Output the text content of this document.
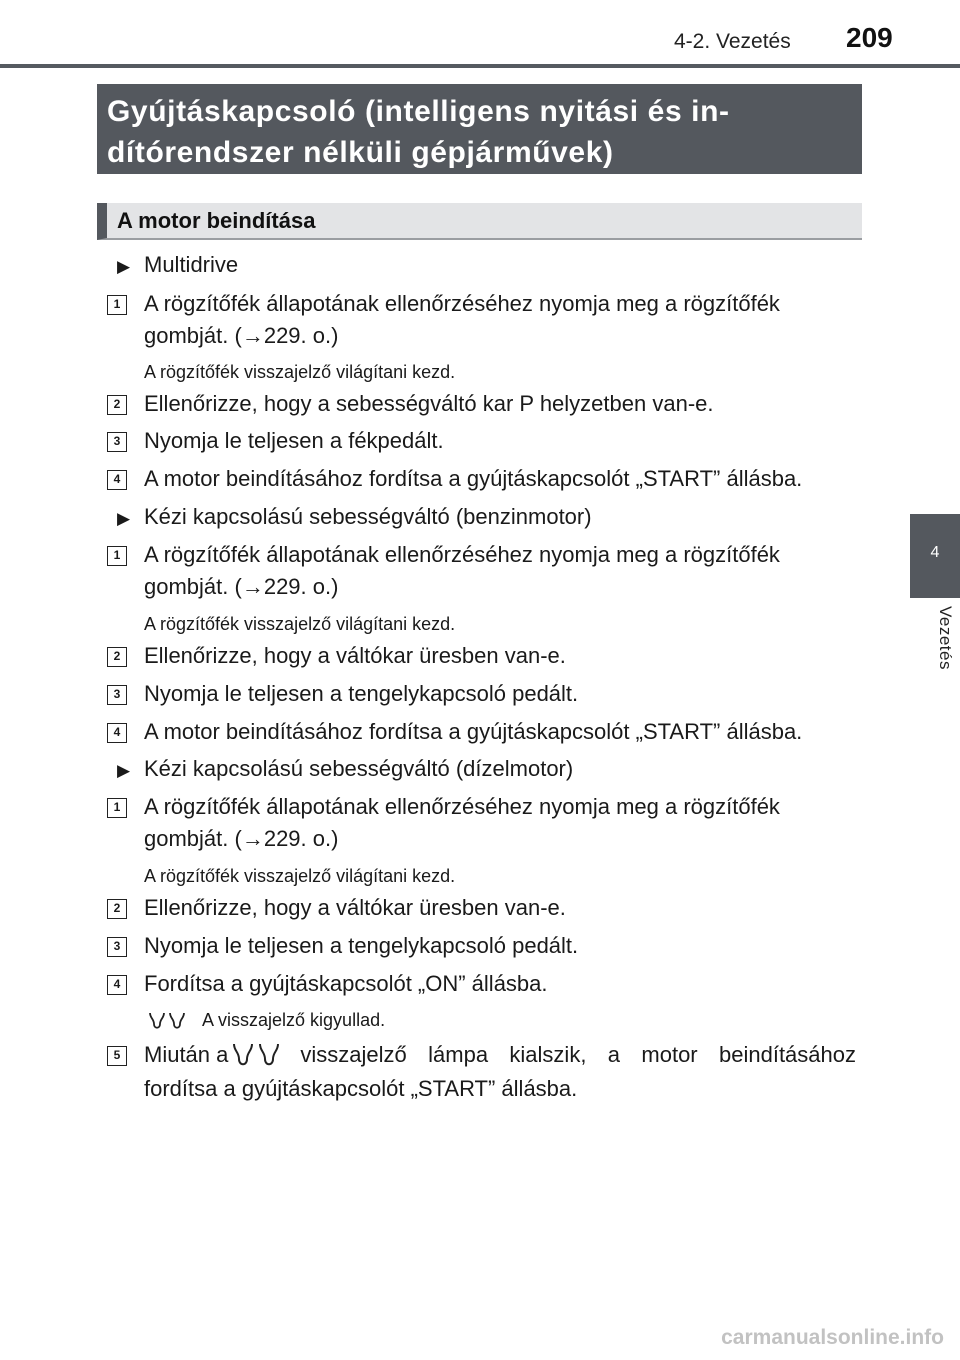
4-2. Vezetés 209
4
Vezetés
Gyújtáskapcsoló (intelligens nyitási és in-
dítórendszer nélküli gépjárművek)
A motor beindítása
▶ Multidrive
1	A rögzítőfék állapotának ellenőrzéséhez nyomja meg a rögzítőfék
gombját. (→229. o.)
A rögzítőfék visszajelző világítani kezd.
2	Ellenőrizze, hogy a sebességváltó kar P helyzetben van-e.
3	Nyomja le teljesen a fékpedált.
4	A motor beindításához fordítsa a gyújtáskapcsolót „START” állásba.
▶ Kézi kapcsolású sebességváltó (benzinmotor)
1	A rögzítőfék állapotának ellenőrzéséhez nyomja meg a rögzítőfék
gombját. (→229. o.)
A rögzítőfék visszajelző világítani kezd.
2	Ellenőrizze, hogy a váltókar üresben van-e.
3	Nyomja le teljesen a tengelykapcsoló pedált.
4	A motor beindításához fordítsa a gyújtáskapcsolót „START” állásba.
▶ Kézi kapcsolású sebességváltó (dízelmotor)
1	A rögzítőfék állapotának ellenőrzéséhez nyomja meg a rögzítőfék
gombját. (→229. o.)
A rögzítőfék visszajelző világítani kezd.
2	Ellenőrizze, hogy a váltókar üresben van-e.
3	Nyomja le teljesen a tengelykapcsoló pedált.
4	Fordítsa a gyújtáskapcsolót „ON” állásba.
A visszajelző kigyullad.
5	Miután a	visszajelző lámpa kialszik, a motor beindításához
fordítsa a gyújtáskapcsolót „START” állásba.
carmanualsonline.info
